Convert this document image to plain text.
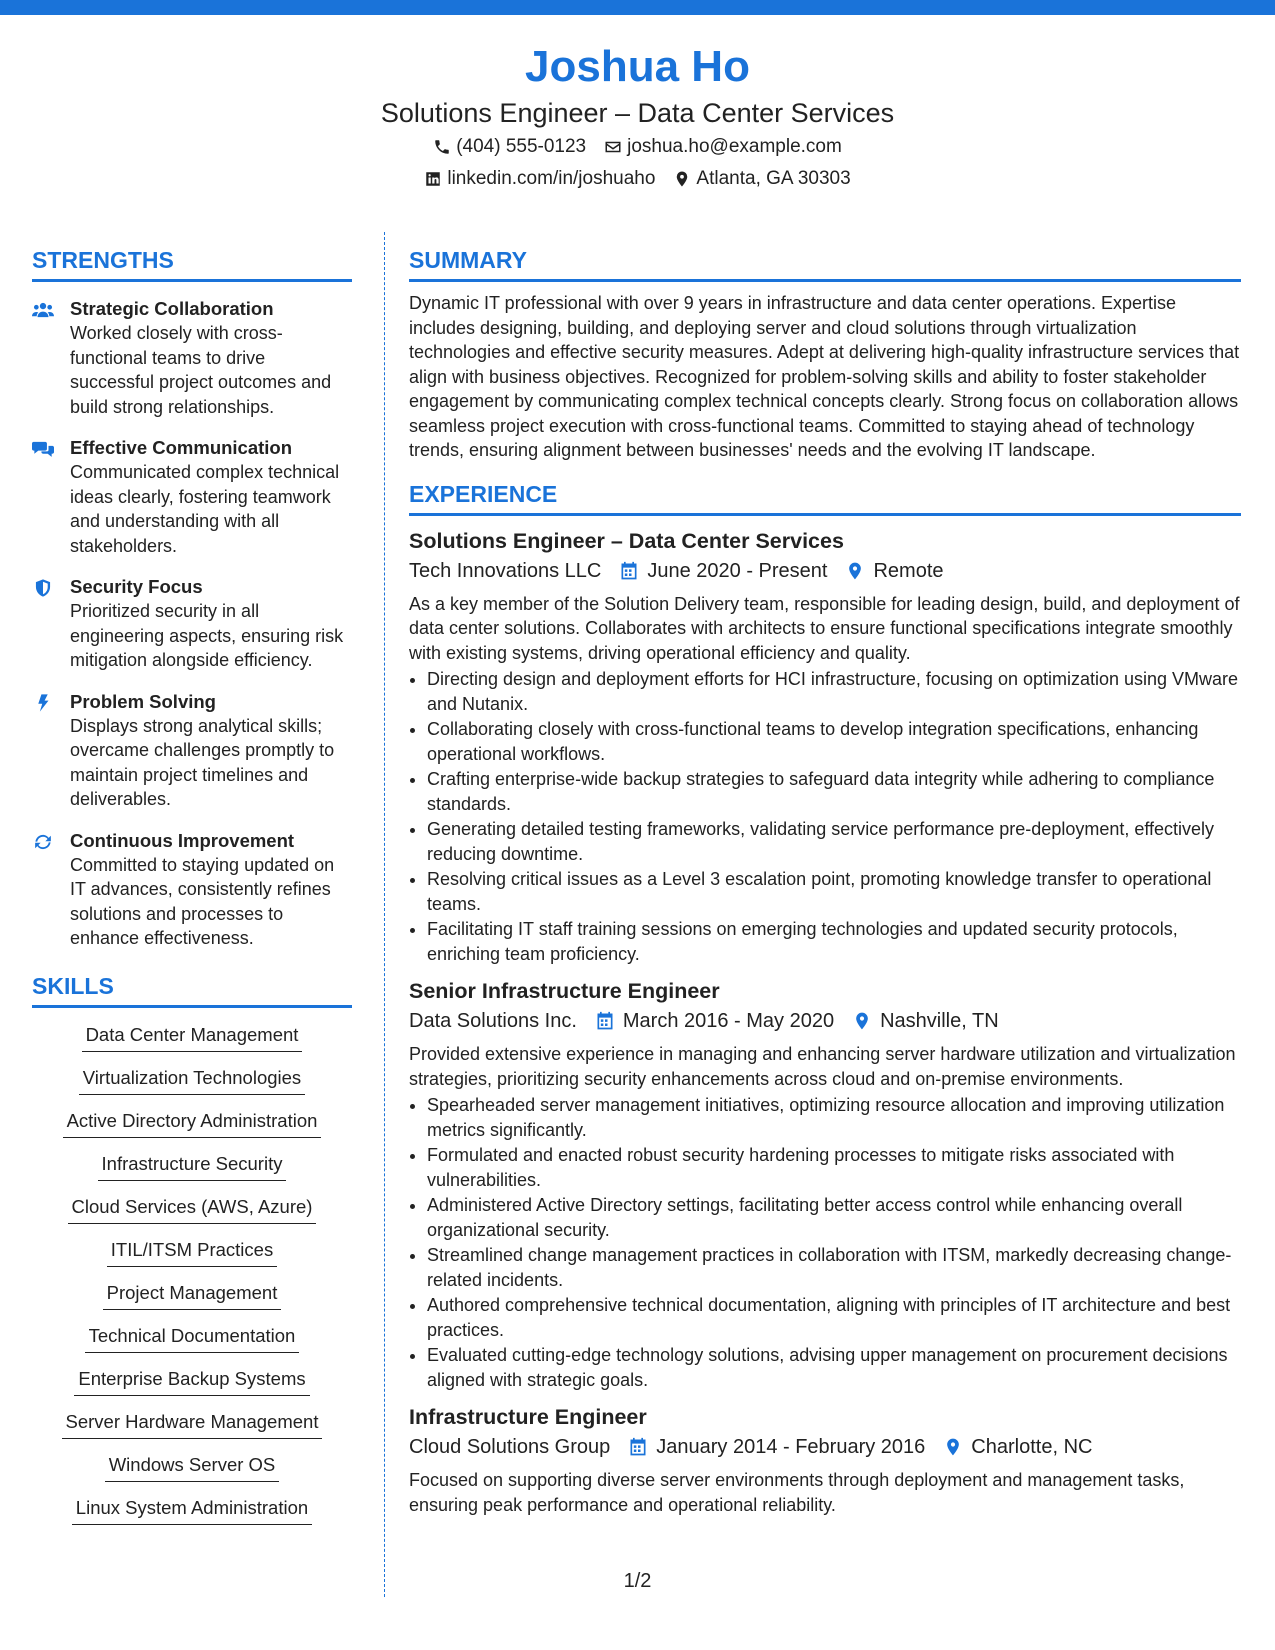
Joshua Ho
Solutions Engineer – Data Center Services
(404) 555-0123 joshua.ho@example.com
linkedin.com/in/joshuaho Atlanta, GA 30303
STRENGTHS
Strategic Collaboration
Worked closely with cross-functional teams to drive successful project outcomes and build strong relationships.
Effective Communication
Communicated complex technical ideas clearly, fostering teamwork and understanding with all stakeholders.
Security Focus
Prioritized security in all engineering aspects, ensuring risk mitigation alongside efficiency.
Problem Solving
Displays strong analytical skills; overcame challenges promptly to maintain project timelines and deliverables.
Continuous Improvement
Committed to staying updated on IT advances, consistently refines solutions and processes to enhance effectiveness.
SKILLS
Data Center Management
Virtualization Technologies
Active Directory Administration
Infrastructure Security
Cloud Services (AWS, Azure)
ITIL/ITSM Practices
Project Management
Technical Documentation
Enterprise Backup Systems
Server Hardware Management
Windows Server OS
Linux System Administration
SUMMARY

Dynamic IT professional with over 9 years in infrastructure and data center operations. Expertise includes designing, building, and deploying server and cloud solutions through virtualization technologies and effective security measures. Adept at delivering high-quality infrastructure services that align with business objectives. Recognized for problem-solving skills and ability to foster stakeholder engagement by communicating complex technical concepts clearly. Strong focus on collaboration allows seamless project execution with cross-functional teams. Committed to staying ahead of technology trends, ensuring alignment between businesses' needs and the evolving IT landscape.

EXPERIENCE
Solutions Engineer – Data Center Services
Tech Innovations LLC June 2020 - Present Remote
As a key member of the Solution Delivery team, responsible for leading design, build, and deployment of data center solutions. Collaborates with architects to ensure functional specifications integrate smoothly with existing systems, driving operational efficiency and quality.
• Directing design and deployment efforts for HCI infrastructure, focusing on optimization using VMware and Nutanix.
• Collaborating closely with cross-functional teams to develop integration specifications, enhancing operational workflows.
• Crafting enterprise-wide backup strategies to safeguard data integrity while adhering to compliance standards.
• Generating detailed testing frameworks, validating service performance pre-deployment, effectively reducing downtime.
• Resolving critical issues as a Level 3 escalation point, promoting knowledge transfer to operational teams.
• Facilitating IT staff training sessions on emerging technologies and updated security protocols, enriching team proficiency.
Senior Infrastructure Engineer
Data Solutions Inc. March 2016 - May 2020 Nashville, TN
Provided extensive experience in managing and enhancing server hardware utilization and virtualization strategies, prioritizing security enhancements across cloud and on-premise environments.
• Spearheaded server management initiatives, optimizing resource allocation and improving utilization metrics significantly.
• Formulated and enacted robust security hardening processes to mitigate risks associated with vulnerabilities.
• Administered Active Directory settings, facilitating better access control while enhancing overall organizational security.
• Streamlined change management practices in collaboration with ITSM, markedly decreasing change-related incidents.
• Authored comprehensive technical documentation, aligning with principles of IT architecture and best practices.
• Evaluated cutting-edge technology solutions, advising upper management on procurement decisions aligned with strategic goals.
Infrastructure Engineer
Cloud Solutions Group January 2014 - February 2016 Charlotte, NC
Focused on supporting diverse server environments through deployment and management tasks, ensuring peak performance and operational reliability.
1/2
